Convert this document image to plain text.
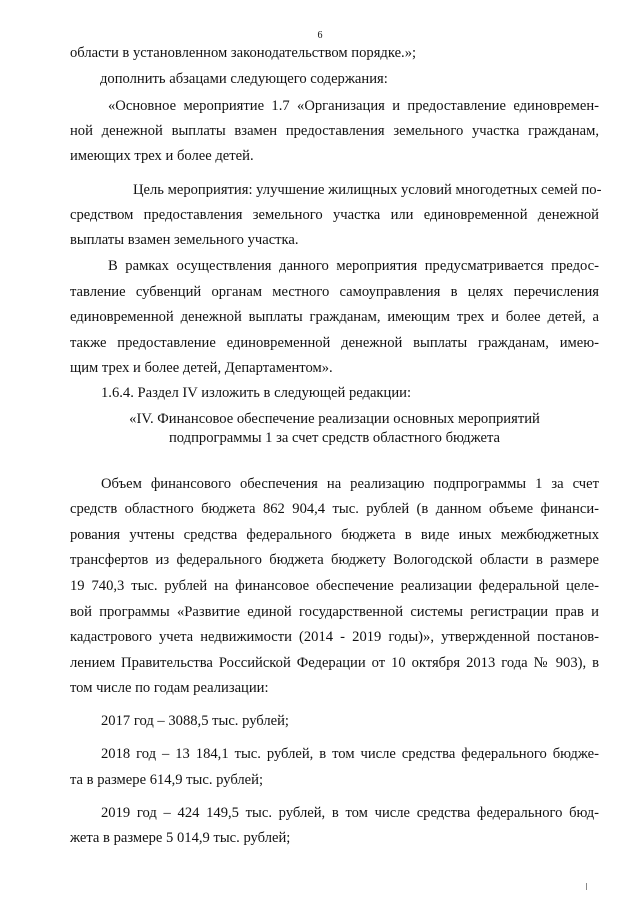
6
области в установленном законодательством порядке.»;
дополнить абзацами следующего содержания:
«Основное мероприятие 1.7 «Организация и предоставление единовремен-
ной денежной выплаты взамен предоставления земельного участка гражданам,
имеющих трех и более детей.
Цель мероприятия: улучшение жилищных условий многодетных семей по-
средством предоставления земельного участка или единовременной денежной
выплаты взамен земельного участка.
В рамках осуществления данного мероприятия предусматривается предос-
тавление субвенций органам местного самоуправления в целях перечисления
единовременной денежной выплаты гражданам, имеющим трех и более детей, а
также предоставление единовременной денежной выплаты гражданам, имею-
щим трех и более детей, Департаментом».
1.6.4. Раздел IV изложить в следующей редакции:
«IV. Финансовое обеспечение реализации основных мероприятий
подпрограммы 1 за счет средств областного бюджета
Объем финансового обеспечения на реализацию подпрограммы 1 за счет
средств областного бюджета 862 904,4 тыс. рублей (в данном объеме финанси-
рования учтены средства федерального бюджета в виде иных межбюджетных
трансфертов из федерального бюджета бюджету Вологодской области в размере
19 740,3 тыс. рублей на финансовое обеспечение реализации федеральной целе-
вой программы «Развитие единой государственной системы регистрации прав и
кадастрового учета недвижимости (2014 - 2019 годы)», утвержденной постанов-
лением Правительства Российской Федерации от 10 октября 2013 года № 903), в
том числе по годам реализации:
2017 год – 3088,5 тыс. рублей;
2018 год – 13 184,1 тыс. рублей, в том числе средства федерального бюдже-
та в размере 614,9 тыс. рублей;
2019 год – 424 149,5 тыс. рублей, в том числе средства федерального бюд-
жета в размере 5 014,9 тыс. рублей;
